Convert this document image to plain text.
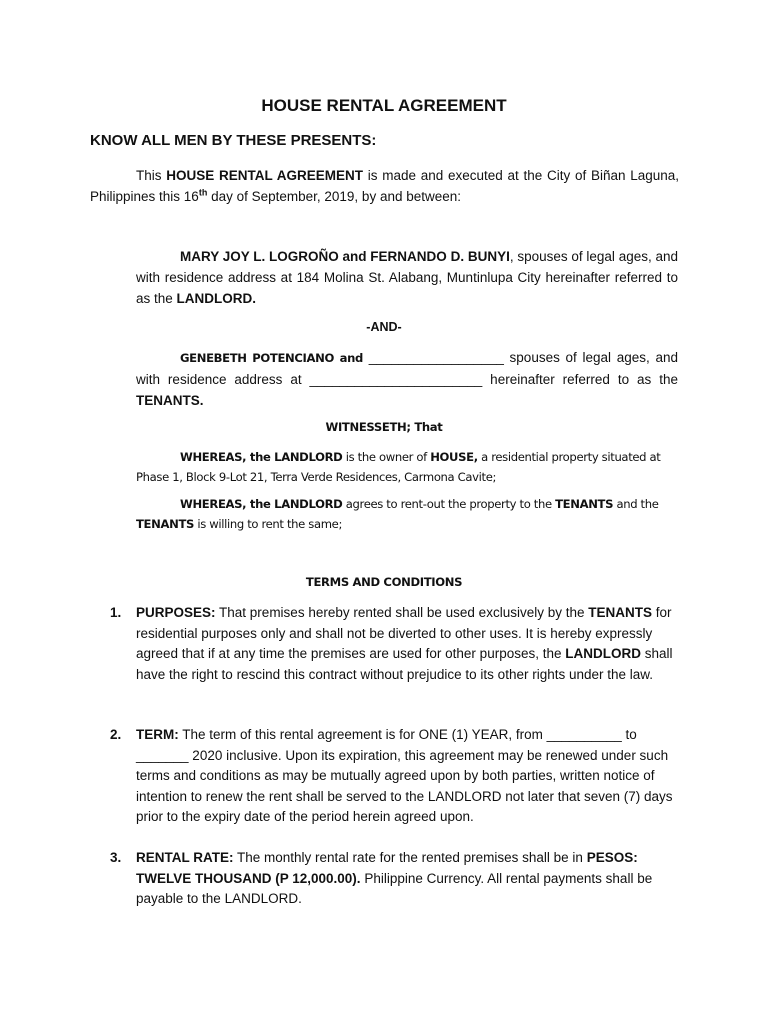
HOUSE RENTAL AGREEMENT
KNOW ALL MEN BY THESE PRESENTS:
This HOUSE RENTAL AGREEMENT is made and executed at the City of Biñan Laguna, Philippines this 16th day of September, 2019, by and between:
MARY JOY L. LOGROÑO and FERNANDO D. BUNYI, spouses of legal ages, and with residence address at 184 Molina St. Alabang, Muntinlupa City hereinafter referred to as the LANDLORD.
-AND-
GENEBETH POTENCIANO and __________________ spouses of legal ages, and with residence address at _______________________ hereinafter referred to as the TENANTS.
WITNESSETH; That
WHEREAS, the LANDLORD is the owner of HOUSE, a residential property situated at Phase 1, Block 9-Lot 21, Terra Verde Residences, Carmona Cavite;
WHEREAS, the LANDLORD agrees to rent-out the property to the TENANTS and the TENANTS is willing to rent the same;
TERMS AND CONDITIONS
1. PURPOSES: That premises hereby rented shall be used exclusively by the TENANTS for residential purposes only and shall not be diverted to other uses. It is hereby expressly agreed that if at any time the premises are used for other purposes, the LANDLORD shall have the right to rescind this contract without prejudice to its other rights under the law.
2. TERM: The term of this rental agreement is for ONE (1) YEAR, from __________ to _______ 2020 inclusive. Upon its expiration, this agreement may be renewed under such terms and conditions as may be mutually agreed upon by both parties, written notice of intention to renew the rent shall be served to the LANDLORD not later that seven (7) days prior to the expiry date of the period herein agreed upon.
3. RENTAL RATE: The monthly rental rate for the rented premises shall be in PESOS: TWELVE THOUSAND (P 12,000.00). Philippine Currency. All rental payments shall be payable to the LANDLORD.
